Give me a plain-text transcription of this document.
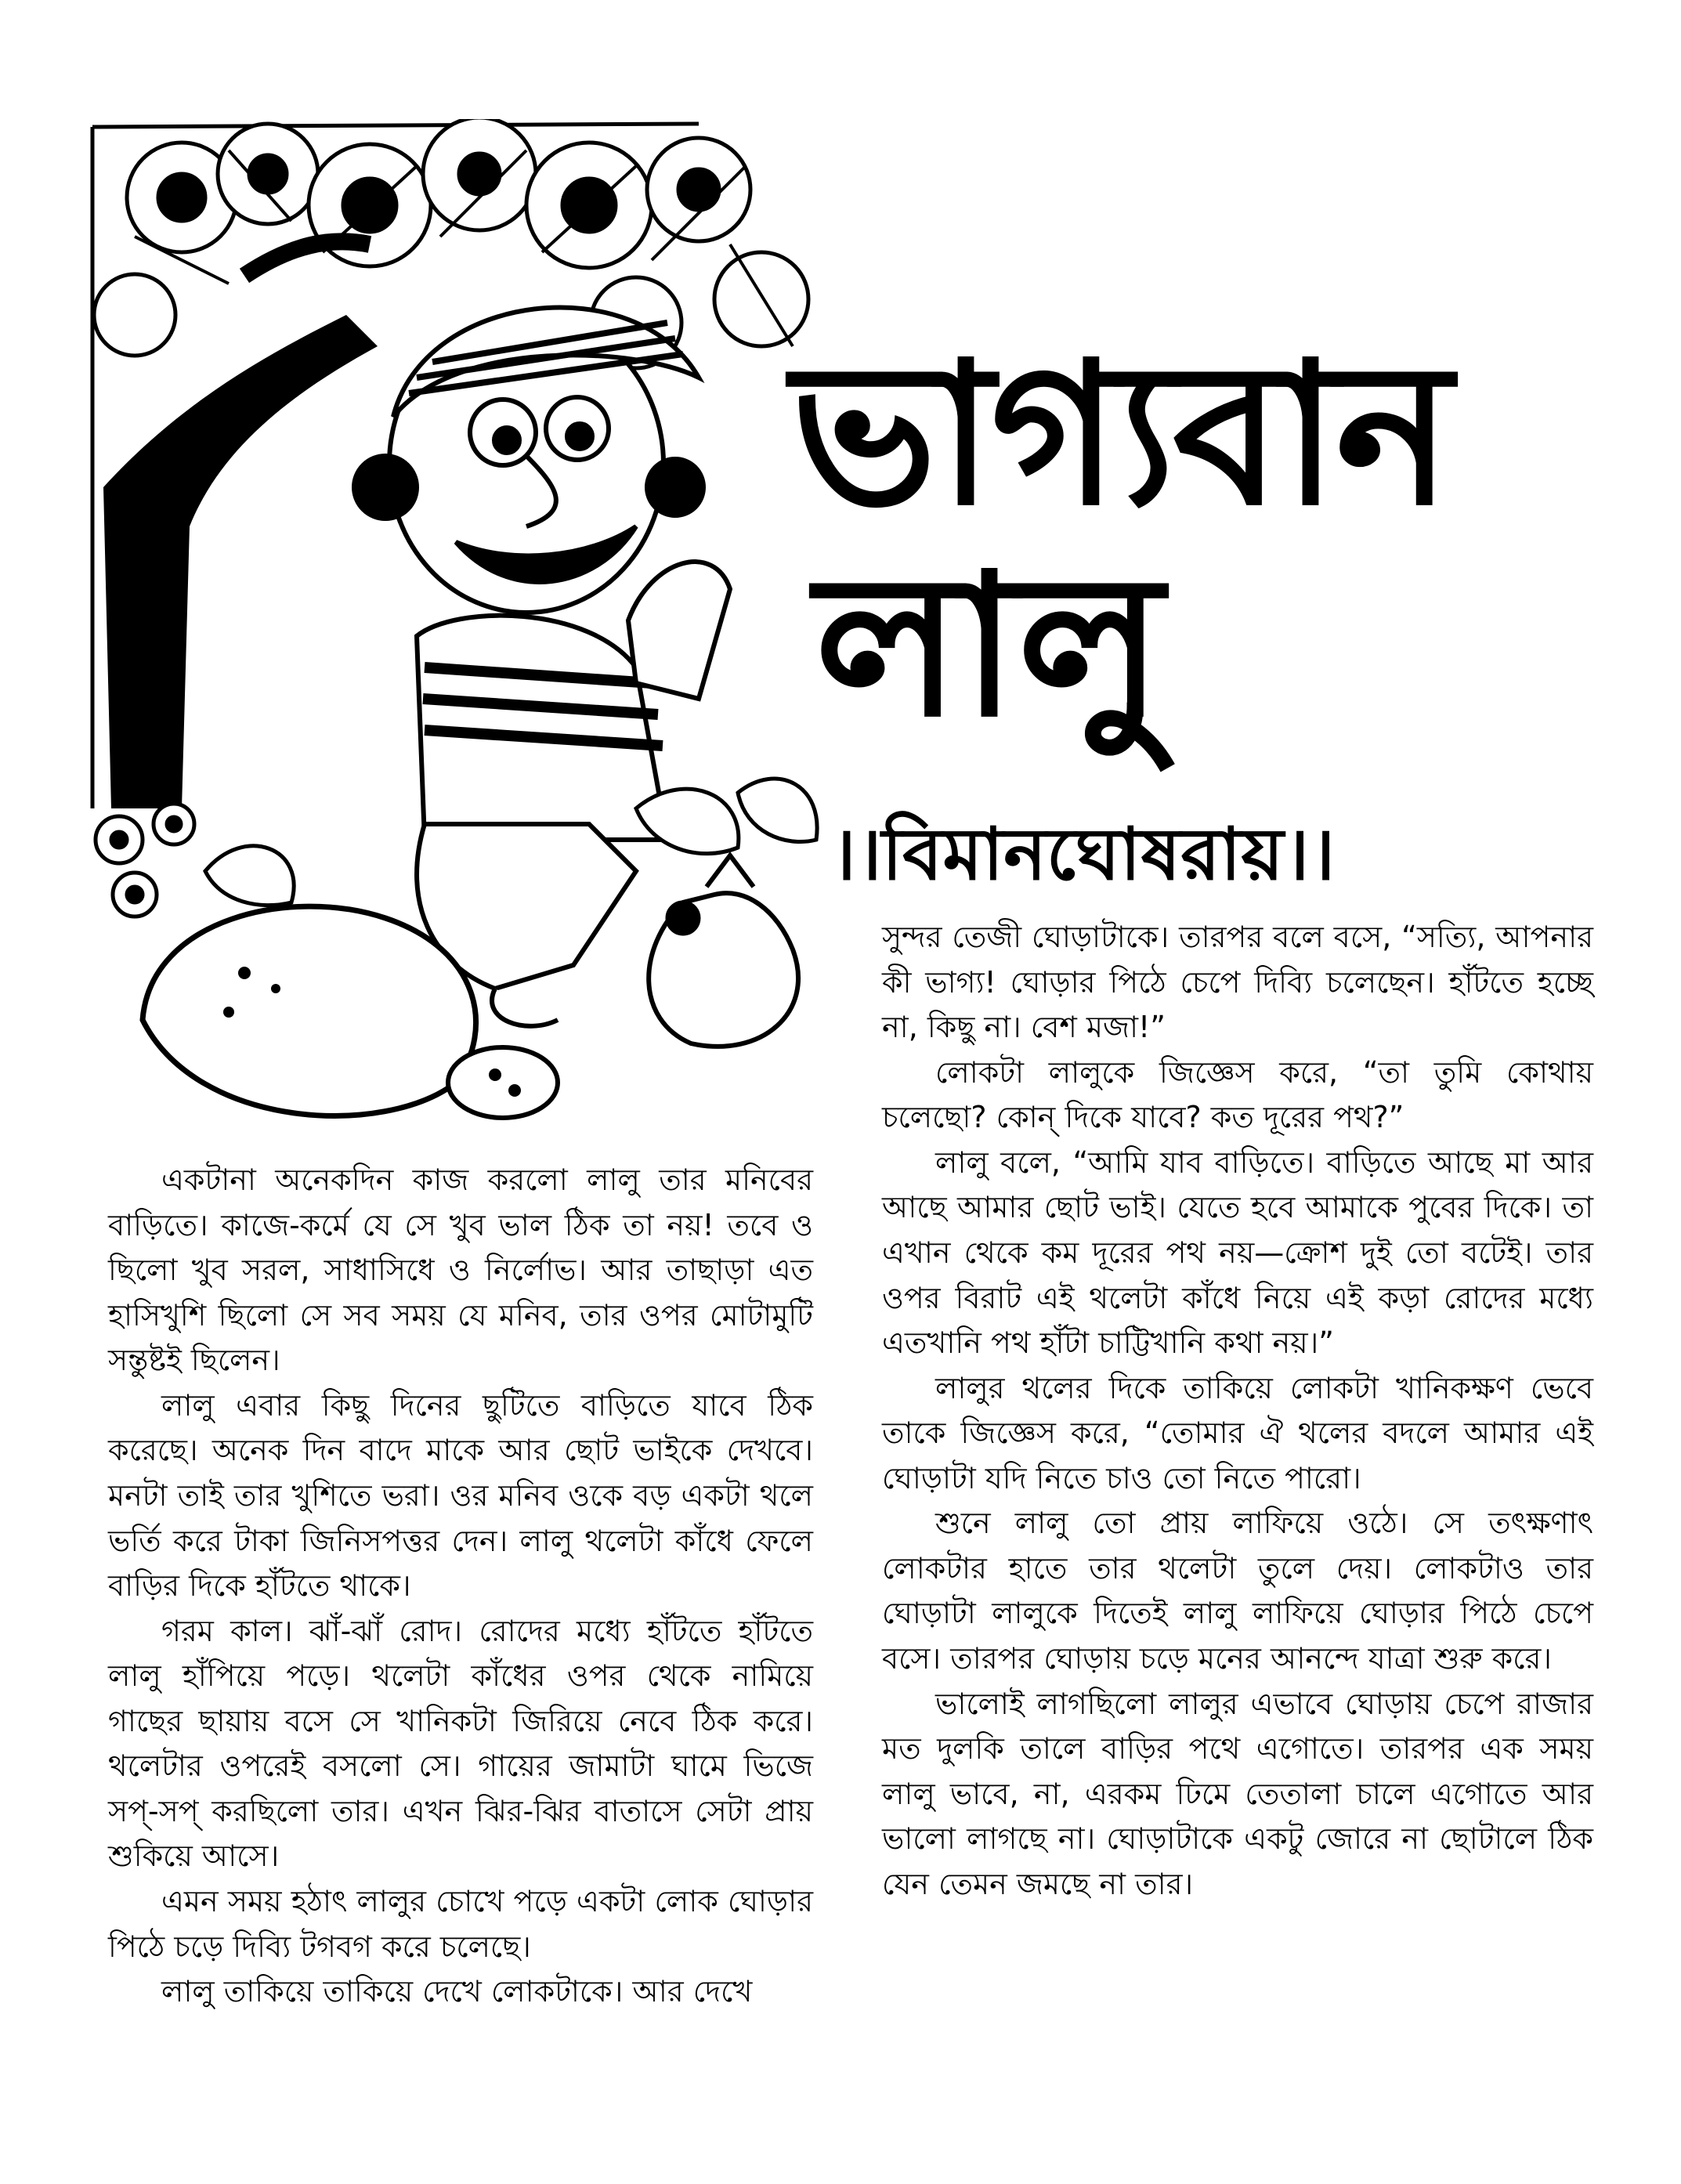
ভাগ্যবান
লালু
।।বিমানঘোষরায়।।

সুন্দর তেজী ঘোড়াটাকে। তারপর বলে বসে, “সত্যি, আপনার কী ভাগ্য! ঘোড়ার পিঠে চেপে দিব্যি চলেছেন। হাঁটতে হচ্ছে না, কিছু না। বেশ মজা!”

লোকটা লালুকে জিজ্ঞেস করে, “তা তুমি কোথায় চলেছো? কোন্ দিকে যাবে? কত দূরের পথ?”

লালু বলে, “আমি যাব বাড়িতে। বাড়িতে আছে মা আর আছে আমার ছোট ভাই। যেতে হবে আমাকে পুবের দিকে। তা এখান থেকে কম দূরের পথ নয়—ক্রোশ দুই তো বটেই। তার ওপর বিরাট এই থলেটা কাঁধে নিয়ে এই কড়া রোদের মধ্যে এতখানি পথ হাঁটা চাট্টিখানি কথা নয়।”

লালুর থলের দিকে তাকিয়ে লোকটা খানিকক্ষণ ভেবে তাকে জিজ্ঞেস করে, “তোমার ঐ থলের বদলে আমার এই ঘোড়াটা যদি নিতে চাও তো নিতে পারো।

শুনে লালু তো প্রায় লাফিয়ে ওঠে। সে তৎক্ষণাৎ লোকটার হাতে তার থলেটা তুলে দেয়। লোকটাও তার ঘোড়াটা লালুকে দিতেই লালু লাফিয়ে ঘোড়ার পিঠে চেপে বসে। তারপর ঘোড়ায় চড়ে মনের আনন্দে যাত্রা শুরু করে।

ভালোই লাগছিলো লালুর এভাবে ঘোড়ায় চেপে রাজার মত দুলকি তালে বাড়ির পথে এগোতে। তারপর এক সময় লালু ভাবে, না, এরকম ঢিমে তেতালা চালে এগোতে আর ভালো লাগছে না। ঘোড়াটাকে একটু জোরে না ছোটালে ঠিক যেন তেমন জমছে না তার।

একটানা অনেকদিন কাজ করলো লালু তার মনিবের বাড়িতে। কাজে-কর্মে যে সে খুব ভাল ঠিক তা নয়! তবে ও ছিলো খুব সরল, সাধাসিধে ও নির্লোভ। আর তাছাড়া এত হাসিখুশি ছিলো সে সব সময় যে মনিব, তার ওপর মোটামুটি সন্তুষ্টই ছিলেন।

লালু এবার কিছু দিনের ছুটিতে বাড়িতে যাবে ঠিক করেছে। অনেক দিন বাদে মাকে আর ছোট ভাইকে দেখবে। মনটা তাই তার খুশিতে ভরা। ওর মনিব ওকে বড় একটা থলে ভর্তি করে টাকা জিনিসপত্তর দেন। লালু থলেটা কাঁধে ফেলে বাড়ির দিকে হাঁটতে থাকে।

গরম কাল। ঝাঁ-ঝাঁ রোদ। রোদের মধ্যে হাঁটতে হাঁটতে লালু হাঁপিয়ে পড়ে। থলেটা কাঁধের ওপর থেকে নামিয়ে গাছের ছায়ায় বসে সে খানিকটা জিরিয়ে নেবে ঠিক করে। থলেটার ওপরেই বসলো সে। গায়ের জামাটা ঘামে ভিজে সপ্-সপ্ করছিলো তার। এখন ঝির-ঝির বাতাসে সেটা প্রায় শুকিয়ে আসে।

এমন সময় হঠাৎ লালুর চোখে পড়ে একটা লোক ঘোড়ার পিঠে চড়ে দিব্যি টগবগ করে চলেছে।

লালু তাকিয়ে তাকিয়ে দেখে লোকটাকে। আর দেখে
